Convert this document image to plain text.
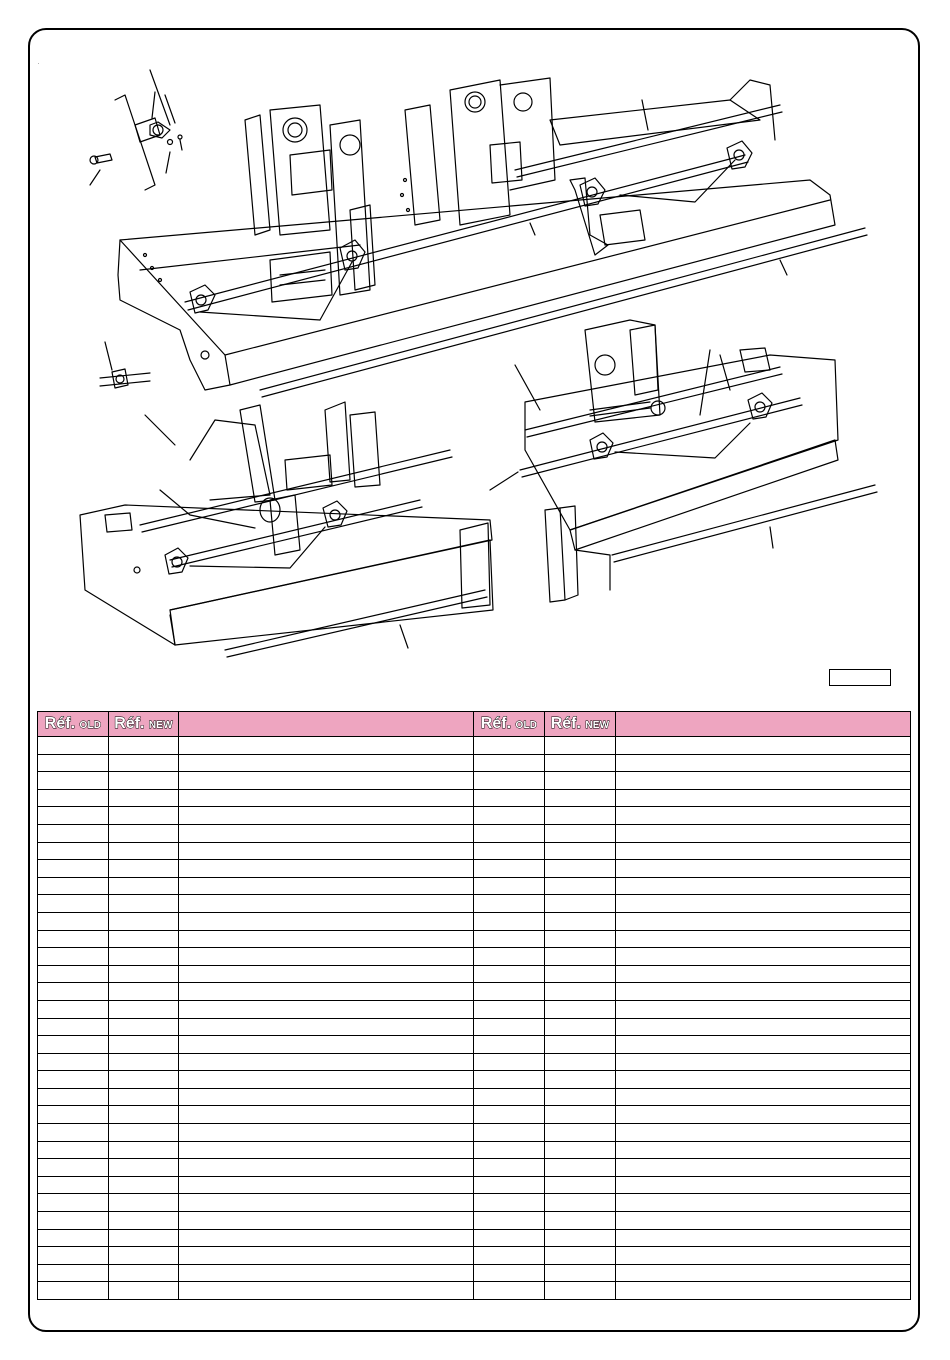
.
Réf. OLD	Réf. NEW		Réf. OLD	Réf. NEW	
